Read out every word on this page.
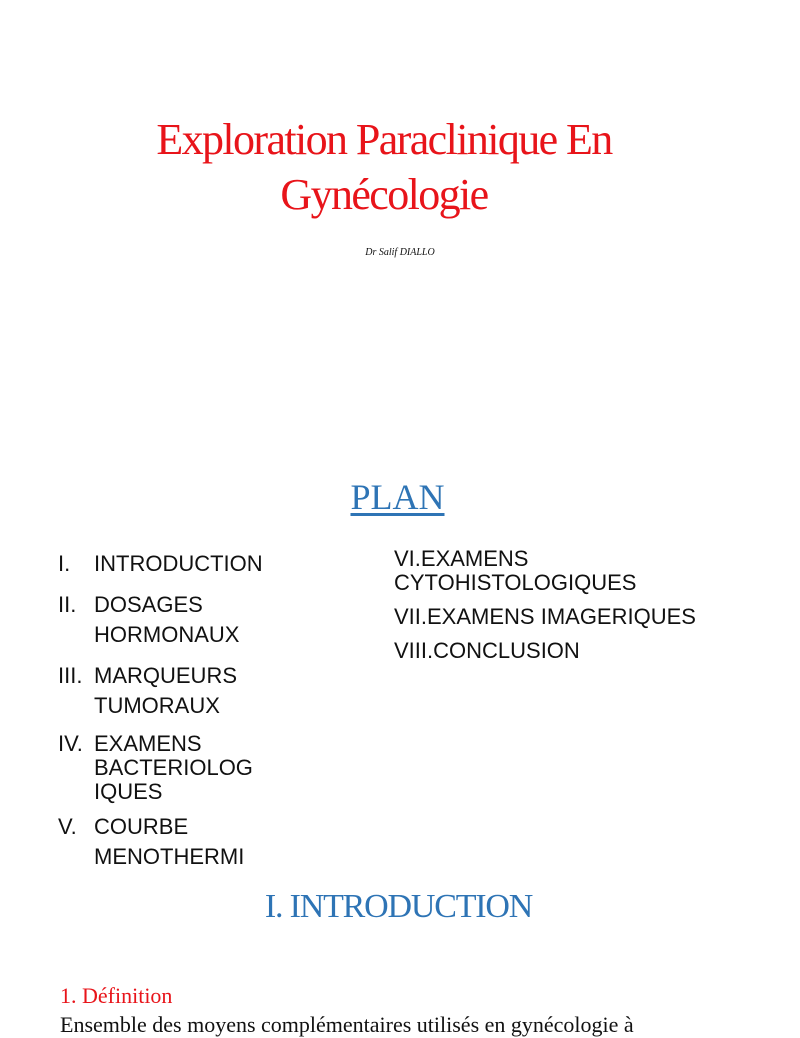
Exploration Paraclinique En
Gynécologie

Dr Salif DIALLO

PLAN
I. INTRODUCTION
II. DOSAGES
HORMONAUX
III. MARQUEURS
TUMORAUX
IV. EXAMENS
BACTERIOLOG
IQUES
V. COURBE
MENOTHERMI
VI.EXAMENS
CYTOHISTOLOGIQUES
VII.EXAMENS IMAGERIQUES
VIII.CONCLUSION
I. INTRODUCTION
1. Définition

Ensemble des moyens complémentaires utilisés en gynécologie à
